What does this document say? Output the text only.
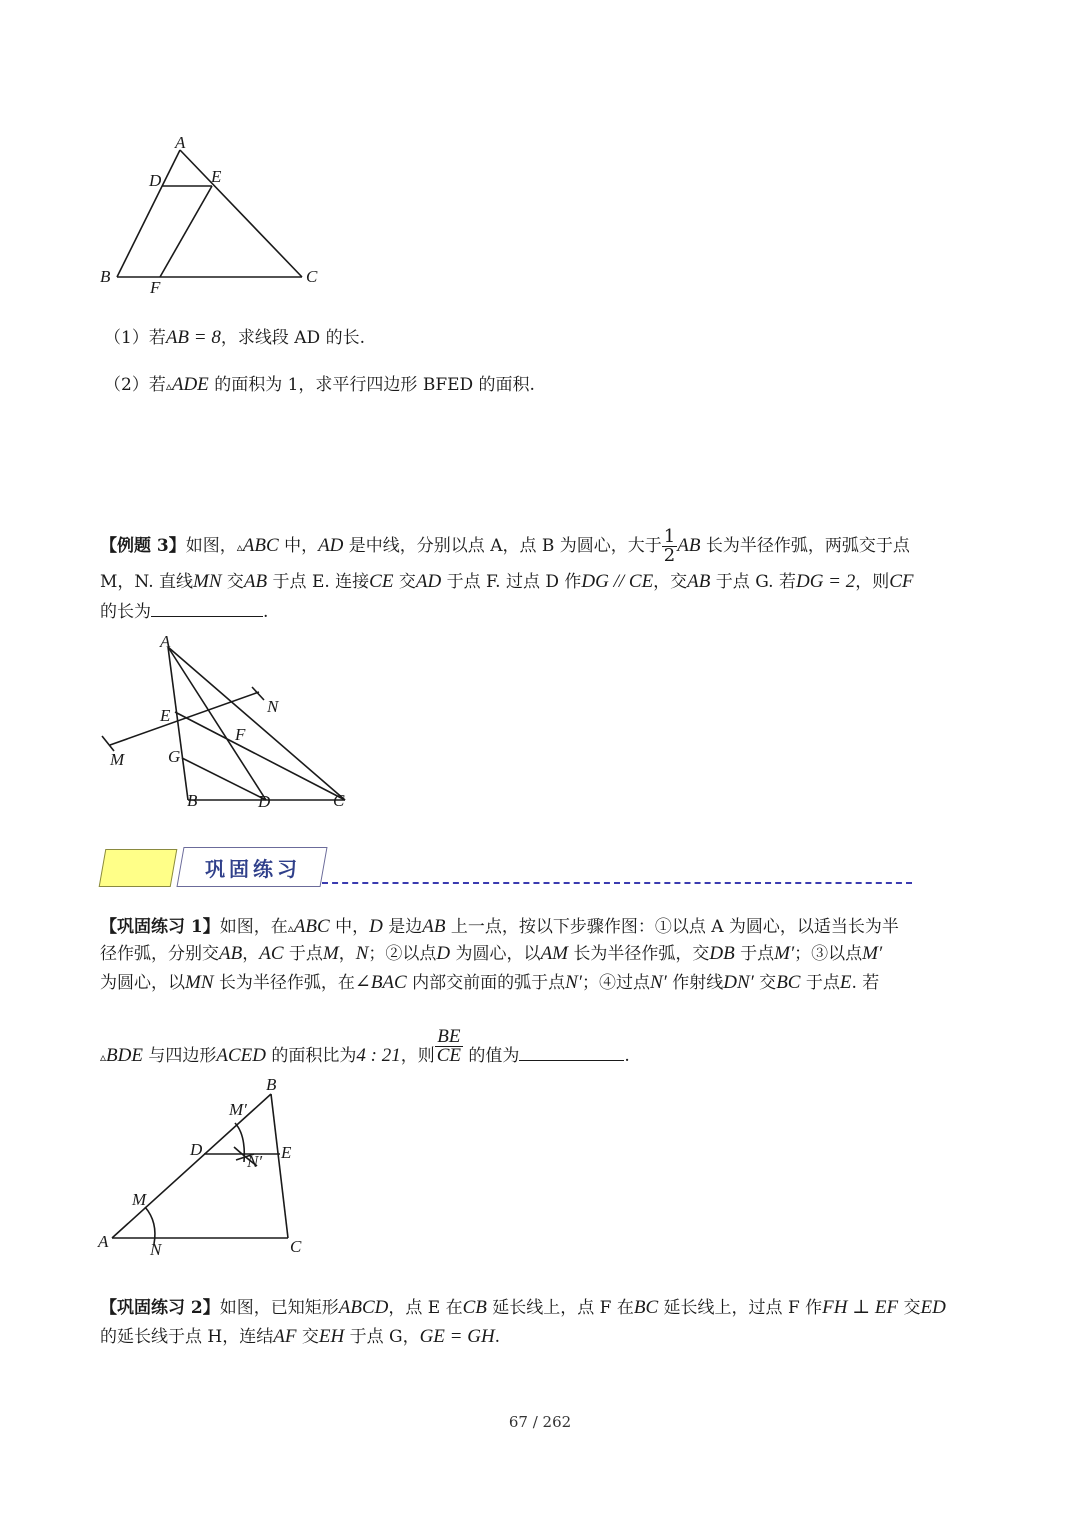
A
D	E
B	C
F
（1）若AB = 8，求线段 AD 的长.
（2）若▵ADE 的面积为 1，求平行四边形 BFED 的面积.
【例题 3】如图，▵ABC 中，AD 是中线，分别以点 A，点 B 为圆心，大于 $\frac{1}{2}$ AB 长为半径作弧，两弧交于点
M，N. 直线MN 交AB 于点 E. 连接CE 交AD 于点 F. 过点 D 作DG // CE，交AB 于点 G. 若DG = 2，则CF
的长为	.
A
N
E
F
M	G
B	D	C
巩固练习
【巩固练习 1】如图，在▵ABC 中，D 是边AB 上一点，按以下步骤作图：①以点 A 为圆心，以适当长为半
径作弧，分别交AB，AC 于点M，N；②以点D 为圆心，以AM 长为半径作弧，交DB 于点M′；③以点M′
为圆心，以MN 长为半径作弧，在∠BAC 内部交前面的弧于点N′；④过点N′ 作射线DN′ 交BC 于点E. 若
▵BDE 与四边形ACED 的面积比为4 : 21，则 $\frac{BE}{CE}$ 的值为	.
A
M
N
D
M′
N′
B
E
C
【巩固练习 2】如图，已知矩形ABCD，点 E 在CB 延长线上，点 F 在BC 延长线上，过点 F 作FH ⊥ EF 交ED
的延长线于点 H，连结AF 交EH 于点 G，GE = GH.
67 / 262
